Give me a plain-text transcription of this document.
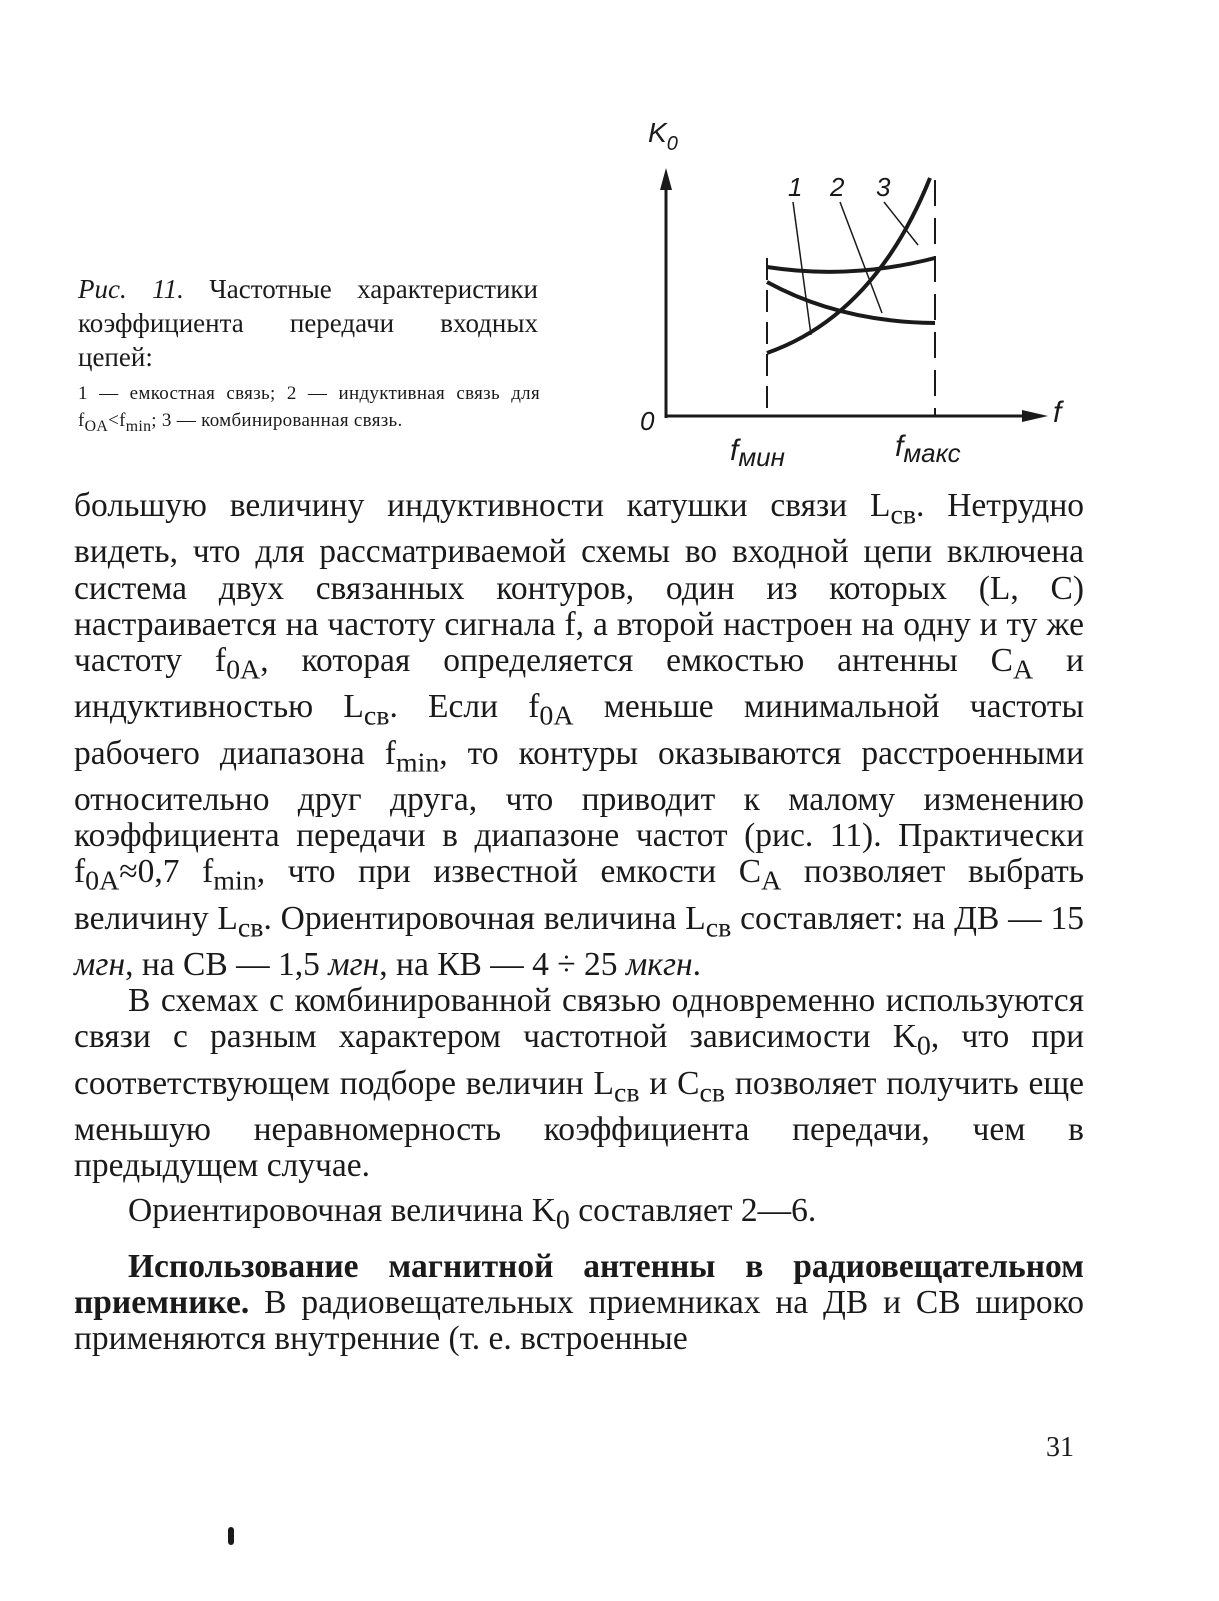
Рис. 11. Частотные характеристики коэффициента передачи входных цепей:
1 — емкостная связь; 2 — индуктивная связь для $f_{OA}<f_{min}$; 3 — комбинированная связь.
$K_0$
1 2 3
0	f
fмин	fмакс

большую величину индуктивности катушки связи $L_{св}$. Нетрудно видеть, что для рассматриваемой схемы во входной цепи включена система двух связанных контуров, один из которых (L, C) настраивается на частоту сигнала f, а второй настроен на одну и ту же частоту $f_{0A}$, которая определяется емкостью антенны $C_A$ и индуктивностью $L_{св}$. Если $f_{0A}$ меньше минимальной частоты рабочего диапазона $f_{min}$, то контуры оказываются расстроенными относительно друг друга, что приводит к малому изменению коэффициента передачи в диапазоне частот (рис. 11). Практически $f_{0A}\approx 0,7$ $f_{min}$, что при известной емкости $C_A$ позволяет выбрать величину $L_{св}$. Ориентировочная величина $L_{св}$ составляет: на ДВ — 15 мгн, на СВ — 1,5 мгн, на КВ — 4 ÷ 25 мкгн.

В схемах с комбинированной связью одновременно используются связи с разным характером частотной зависимости $K_0$, что при соответствующем подборе величин $L_{св}$ и $C_{св}$ позволяет получить еще меньшую неравномерность коэффициента передачи, чем в предыдущем случае.

Ориентировочная величина $K_0$ составляет 2—6.

Использование магнитной антенны в радиовещательном приемнике. В радиовещательных приемниках на ДВ и СВ широко применяются внутренние (т. е. встроенные

31
